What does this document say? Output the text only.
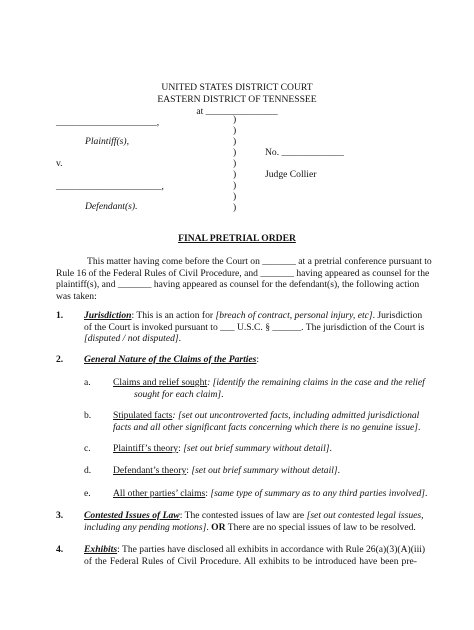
UNITED STATES DISTRICT COURT
EASTERN DISTRICT OF TENNESSEE
at _______________
_____________________,
Plaintiff(s),
v.
______________________,
Defendant(s).
)
)
)
)
)
)
)
)
)
No. _____________
Judge Collier
FINAL PRETRIAL ORDER
This matter having come before the Court on _______ at a pretrial conference pursuant to
Rule 16 of the Federal Rules of Civil Procedure, and _______ having appeared as counsel for the
plaintiff(s), and _______ having appeared as counsel for the defendant(s), the following action
was taken:
1. Jurisdiction: This is an action for [breach of contract, personal injury, etc]. Jurisdiction
of the Court is invoked pursuant to ___ U.S.C. § ______. The jurisdiction of the Court is
[disputed / not disputed].
2. General Nature of the Claims of the Parties:
a. Claims and relief sought: [identify the remaining claims in the case and the relief
sought for each claim].
b. Stipulated facts: [set out uncontroverted facts, including admitted jurisdictional
facts and all other significant facts concerning which there is no genuine issue].
c. Plaintiff’s theory: [set out brief summary without detail].
d. Defendant’s theory: [set out brief summary without detail].
e. All other parties’ claims: [same type of summary as to any third parties involved].
3. Contested Issues of Law: The contested issues of law are [set out contested legal issues,
including any pending motions]. OR There are no special issues of law to be resolved.
4. Exhibits: The parties have disclosed all exhibits in accordance with Rule 26(a)(3)(A)(iii)
of the Federal Rules of Civil Procedure. All exhibits to be introduced have been pre-
